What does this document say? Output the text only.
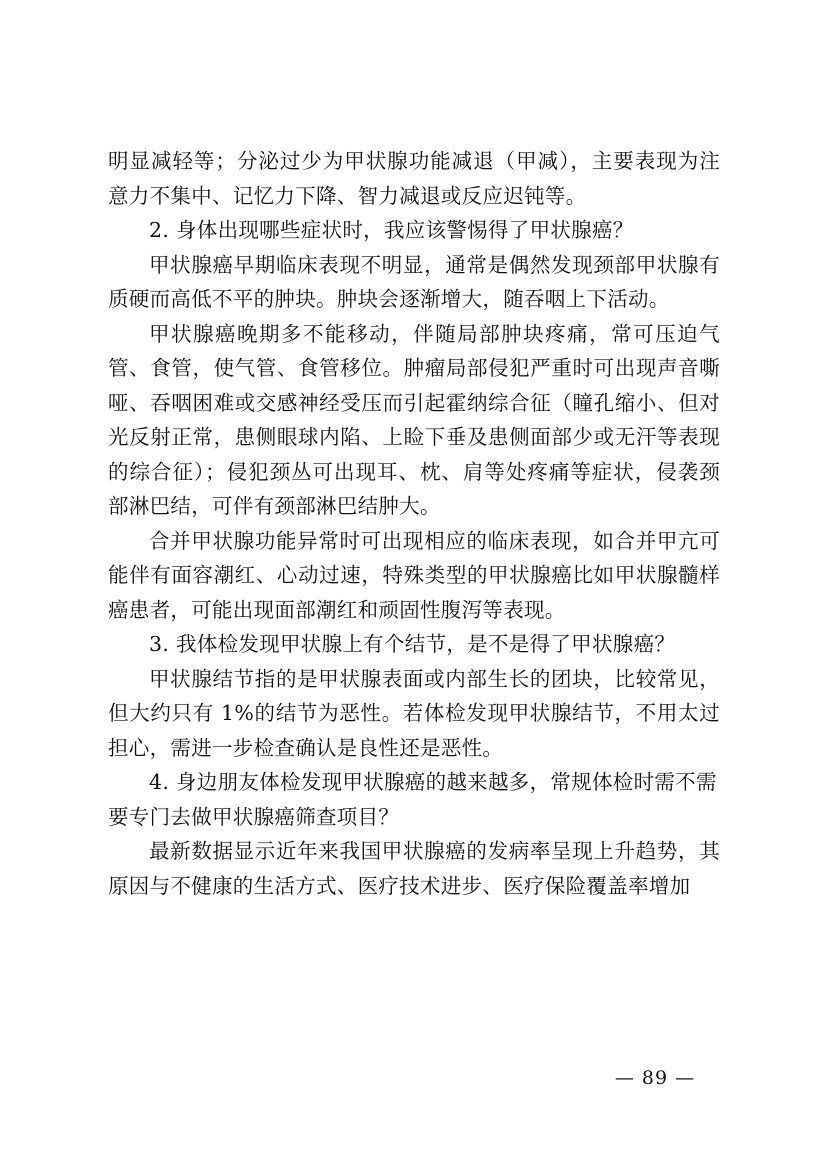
明显减轻等；分泌过少为甲状腺功能减退（甲减），主要表现为注意力不集中、记忆力下降、智力减退或反应迟钝等。

2. 身体出现哪些症状时，我应该警惕得了甲状腺癌？

甲状腺癌早期临床表现不明显，通常是偶然发现颈部甲状腺有质硬而高低不平的肿块。肿块会逐渐增大，随吞咽上下活动。

甲状腺癌晚期多不能移动，伴随局部肿块疼痛，常可压迫气管、食管，使气管、食管移位。肿瘤局部侵犯严重时可出现声音嘶哑、吞咽困难或交感神经受压而引起霍纳综合征（瞳孔缩小、但对光反射正常，患侧眼球内陷、上睑下垂及患侧面部少或无汗等表现的综合征）；侵犯颈丛可出现耳、枕、肩等处疼痛等症状，侵袭颈部淋巴结，可伴有颈部淋巴结肿大。

合并甲状腺功能异常时可出现相应的临床表现，如合并甲亢可能伴有面容潮红、心动过速，特殊类型的甲状腺癌比如甲状腺髓样癌患者，可能出现面部潮红和顽固性腹泻等表现。

3. 我体检发现甲状腺上有个结节，是不是得了甲状腺癌？

甲状腺结节指的是甲状腺表面或内部生长的团块，比较常见，但大约只有 1%的结节为恶性。若体检发现甲状腺结节，不用太过担心，需进一步检查确认是良性还是恶性。

4. 身边朋友体检发现甲状腺癌的越来越多，常规体检时需不需要专门去做甲状腺癌筛查项目？

最新数据显示近年来我国甲状腺癌的发病率呈现上升趋势，其原因与不健康的生活方式、医疗技术进步、医疗保险覆盖率增加

— 89 —
